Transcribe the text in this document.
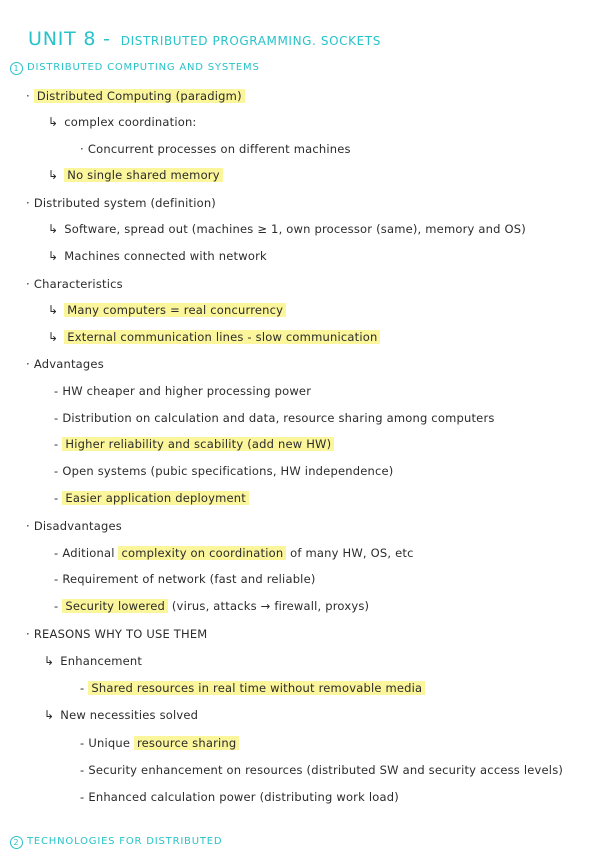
UNIT 8 - DISTRIBUTED PROGRAMMING. SOCKETS
1 DISTRIBUTED COMPUTING AND SYSTEMS
· Distributed Computing (paradigm)
↳ complex coordination:
· Concurrent processes on different machines
↳ No single shared memory
· Distributed system (definition)
↳ Software, spread out (machines ≥ 1, own processor (same), memory and OS)
↳ Machines connected with network
· Characteristics
↳ Many computers = real concurrency
↳ External communication lines - slow communication
· Advantages
- HW cheaper and higher processing power
- Distribution on calculation and data, resource sharing among computers
- Higher reliability and scability (add new HW)
- Open systems (pubic specifications, HW independence)
- Easier application deployment
· Disadvantages
- Aditional complexity on coordination of many HW, OS, etc
- Requirement of network (fast and reliable)
- Security lowered (virus, attacks → firewall, proxys)
· REASONS WHY TO USE THEM
↳ Enhancement
- Shared resources in real time without removable media
↳ New necessities solved
- Unique resource sharing
- Security enhancement on resources (distributed SW and security access levels)
- Enhanced calculation power (distributing work load)
2 TECHNOLOGIES FOR DISTRIBUTED
